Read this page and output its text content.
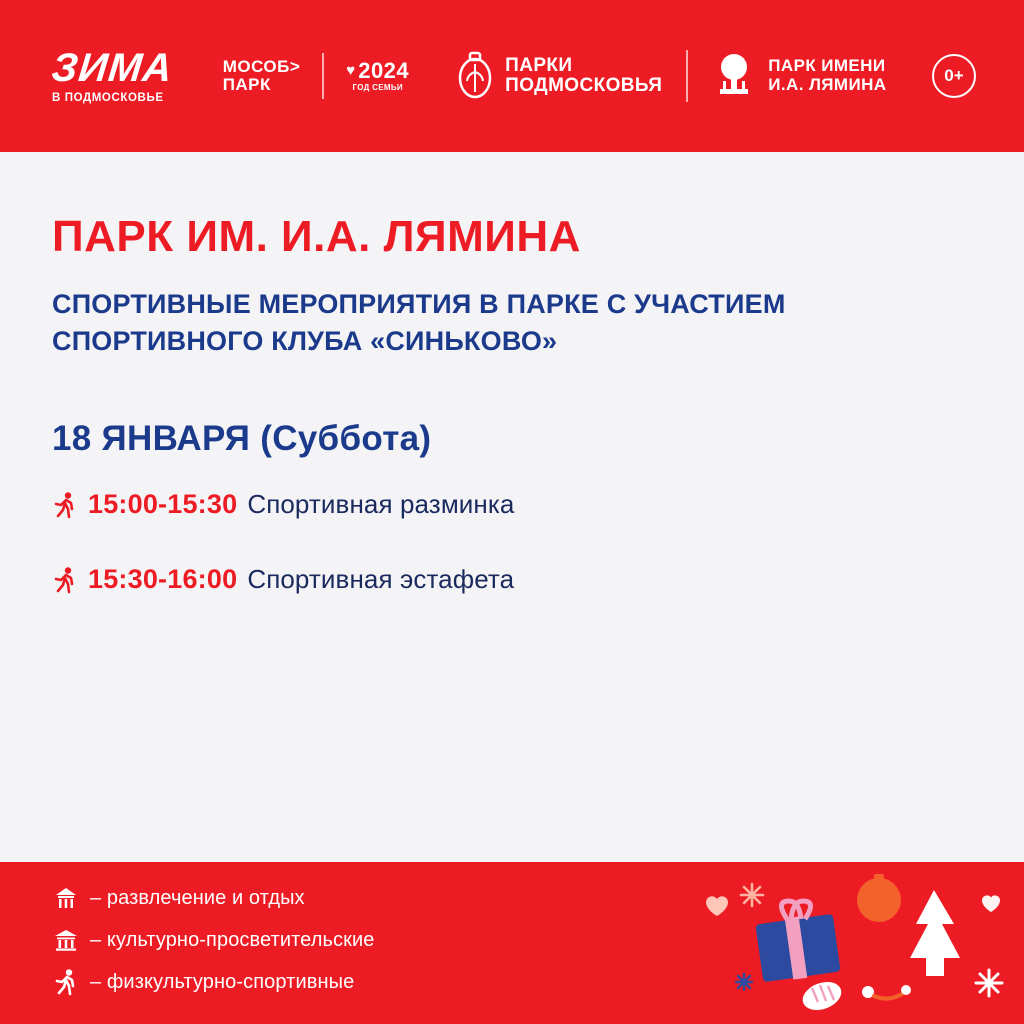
ЗИМА
В ПОДМОСКОВЬЕ
МОСОБ>
ПАРК
♥ 2024
ГОД СЕМЬИ
ПАРКИ
ПОДМОСКОВЬЯ
ПАРК ИМЕНИ
И.А. ЛЯМИНА	0+
ПАРК ИМ. И.А. ЛЯМИНА
СПОРТИВНЫЕ МЕРОПРИЯТИЯ В ПАРКЕ С УЧАСТИЕМ СПОРТИВНОГО КЛУБА «СИНЬКОВО»
18 ЯНВАРЯ (Суббота)
15:00-15:30 Спортивная разминка
15:30-16:00 Спортивная эстафета
– развлечение и отдых
– культурно-просветительские
– физкультурно-спортивные
